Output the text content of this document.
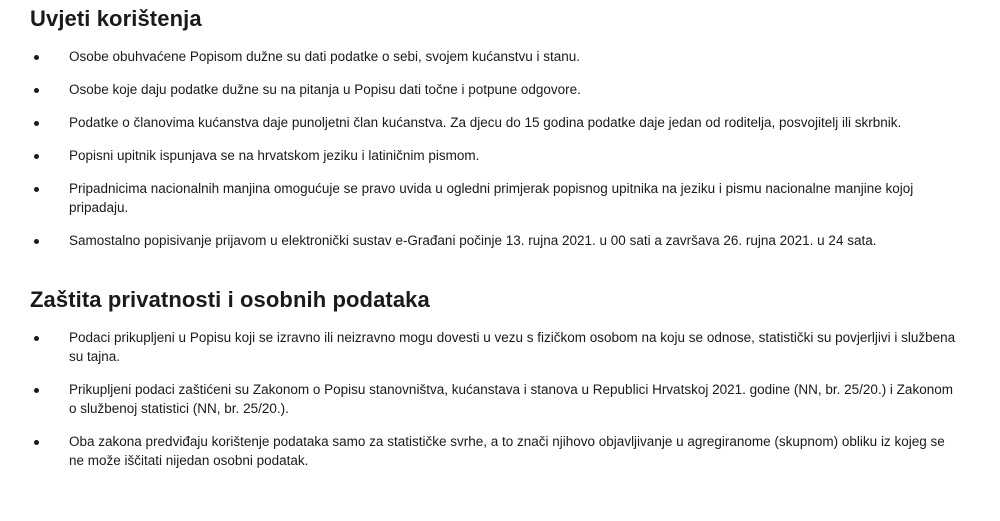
Uvjeti korištenja
Osobe obuhvaćene Popisom dužne su dati podatke o sebi, svojem kućanstvu i stanu.
Osobe koje daju podatke dužne su na pitanja u Popisu dati točne i potpune odgovore.
Podatke o članovima kućanstva daje punoljetni član kućanstva. Za djecu do 15 godina podatke daje jedan od roditelja, posvojitelj ili skrbnik.
Popisni upitnik ispunjava se na hrvatskom jeziku i latiničnim pismom.
Pripadnicima nacionalnih manjina omogućuje se pravo uvida u ogledni primjerak popisnog upitnika na jeziku i pismu nacionalne manjine kojoj pripadaju.
Samostalno popisivanje prijavom u elektronički sustav e-Građani počinje 13. rujna 2021. u 00 sati a završava 26. rujna 2021. u 24 sata.
Zaštita privatnosti i osobnih podataka
Podaci prikupljeni u Popisu koji se izravno ili neizravno mogu dovesti u vezu s fizičkom osobom na koju se odnose, statistički su povjerljivi i službena su tajna.
Prikupljeni podaci zaštićeni su Zakonom o Popisu stanovništva, kućanstava i stanova u Republici Hrvatskoj 2021. godine (NN, br. 25/20.) i Zakonom o službenoj statistici (NN, br. 25/20.).
Oba zakona predviđaju korištenje podataka samo za statističke svrhe, a to znači njihovo objavljivanje u agregiranome (skupnom) obliku iz kojeg se ne može iščitati nijedan osobni podatak.
